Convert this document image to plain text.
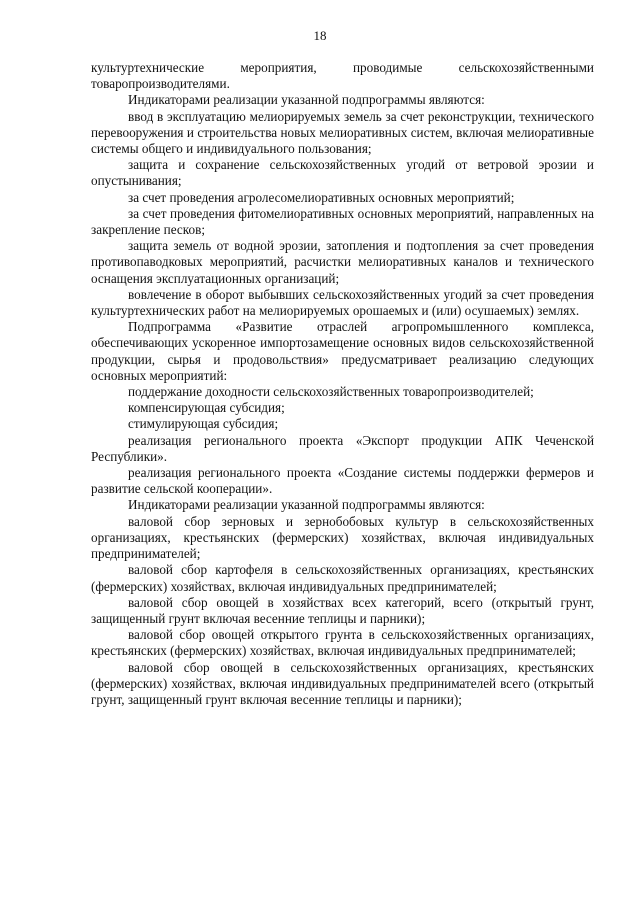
18

культуртехнические мероприятия, проводимые сельскохозяйственными товаропроизводителями.

Индикаторами реализации указанной подпрограммы являются:

ввод в эксплуатацию мелиорируемых земель за счет реконструкции, технического перевооружения и строительства новых мелиоративных систем, включая мелиоративные системы общего и индивидуального пользования;

защита и сохранение сельскохозяйственных угодий от ветровой эрозии и опустынивания;

за счет проведения агролесомелиоративных основных мероприятий;

за счет проведения фитомелиоративных основных мероприятий, направленных на закрепление песков;

защита земель от водной эрозии, затопления и подтопления за счет проведения противопаводковых мероприятий, расчистки мелиоративных каналов и технического оснащения эксплуатационных организаций;

вовлечение в оборот выбывших сельскохозяйственных угодий за счет проведения культуртехнических работ на мелиорируемых орошаемых и (или) осушаемых) землях.

Подпрограмма «Развитие отраслей агропромышленного комплекса, обеспечивающих ускоренное импортозамещение основных видов сельскохозяйственной продукции, сырья и продовольствия» предусматривает реализацию следующих основных мероприятий:

поддержание доходности сельскохозяйственных товаропроизводителей;

компенсирующая субсидия;

стимулирующая субсидия;

реализация регионального проекта «Экспорт продукции АПК Чеченской Республики».

реализация регионального проекта «Создание системы поддержки фермеров и развитие сельской кооперации».

Индикаторами реализации указанной подпрограммы являются:

валовой сбор зерновых и зернобобовых культур в сельскохозяйственных организациях, крестьянских (фермерских) хозяйствах, включая индивидуальных предпринимателей;

валовой сбор картофеля в сельскохозяйственных организациях, крестьянских (фермерских) хозяйствах, включая индивидуальных предпринимателей;

валовой сбор овощей в хозяйствах всех категорий, всего (открытый грунт, защищенный грунт включая весенние теплицы и парники);

валовой сбор овощей открытого грунта в сельскохозяйственных организациях, крестьянских (фермерских) хозяйствах, включая индивидуальных предпринимателей;

валовой сбор овощей в сельскохозяйственных организациях, крестьянских (фермерских) хозяйствах, включая индивидуальных предпринимателей всего (открытый грунт, защищенный грунт включая весенние теплицы и парники);
